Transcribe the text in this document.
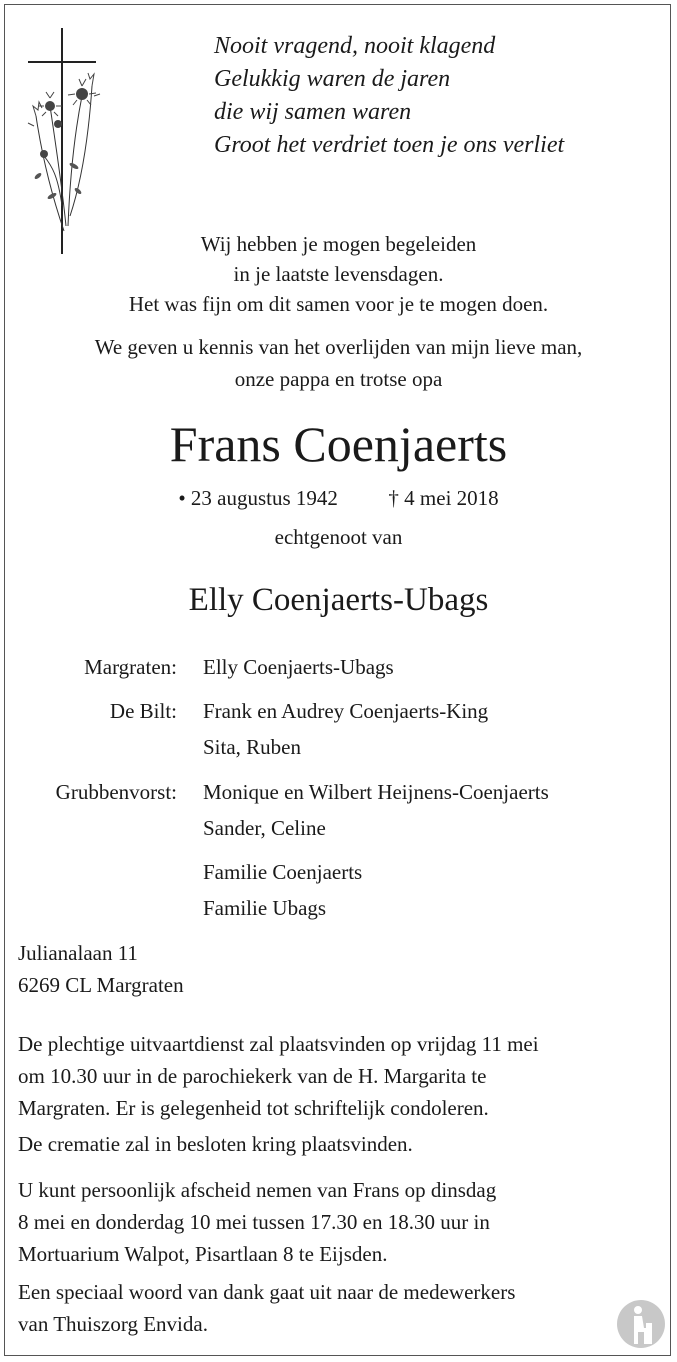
Nooit vragend, nooit klagend
Gelukkig waren de jaren
die wij samen waren
Groot het verdriet toen je ons verliet
Wij hebben je mogen begeleiden
in je laatste levensdagen.
Het was fijn om dit samen voor je te mogen doen.
We geven u kennis van het overlijden van mijn lieve man,
onze pappa en trotse opa
Frans Coenjaerts
• 23 augustus 1942 † 4 mei 2018
echtgenoot van
Elly Coenjaerts-Ubags
Margraten: Elly Coenjaerts-Ubags
De Bilt: Frank en Audrey Coenjaerts-King
Sita, Ruben
Grubbenvorst: Monique en Wilbert Heijnens-Coenjaerts
Sander, Celine
Familie Coenjaerts
Familie Ubags
Julianalaan 11
6269 CL Margraten
De plechtige uitvaartdienst zal plaatsvinden op vrijdag 11 mei
om 10.30 uur in de parochiekerk van de H. Margarita te
Margraten. Er is gelegenheid tot schriftelijk condoleren.
De crematie zal in besloten kring plaatsvinden.
U kunt persoonlijk afscheid nemen van Frans op dinsdag
8 mei en donderdag 10 mei tussen 17.30 en 18.30 uur in
Mortuarium Walpot, Pisartlaan 8 te Eijsden.
Een speciaal woord van dank gaat uit naar de medewerkers
van Thuiszorg Envida.
